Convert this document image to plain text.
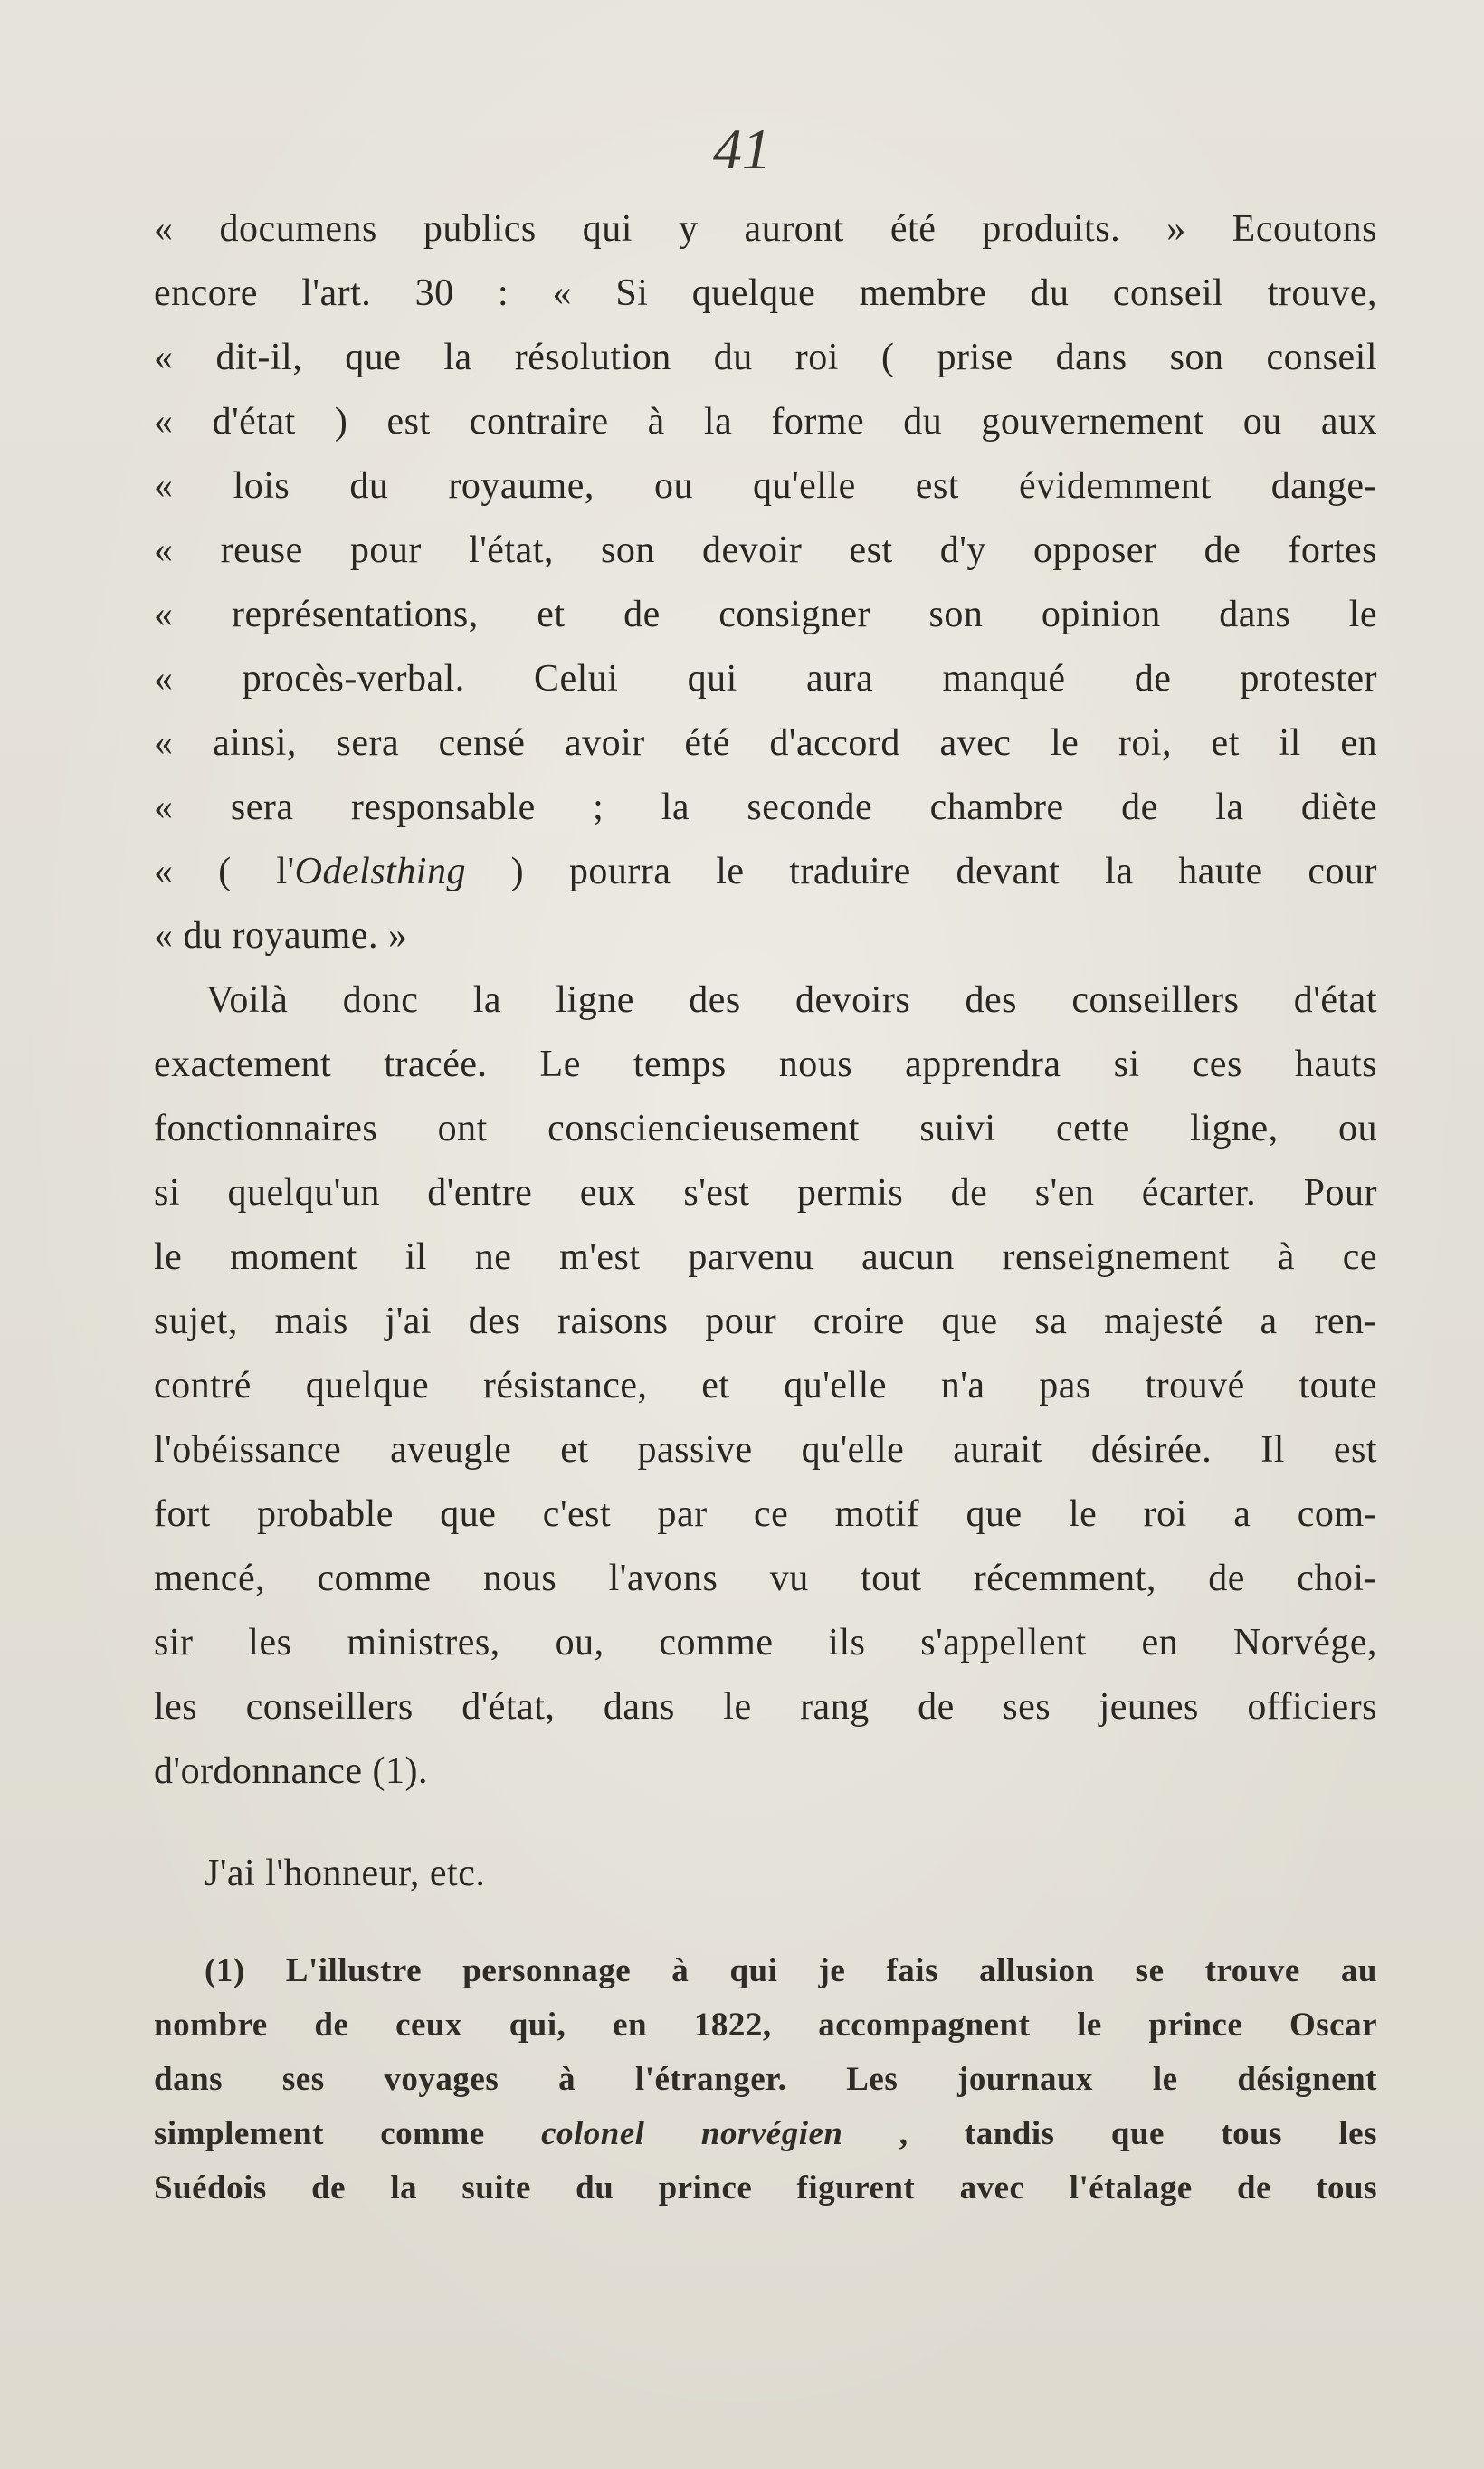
41
« documens publics qui y auront été produits. » Ecoutons
encore l'art. 30 : « Si quelque membre du conseil trouve,
« dit-il, que la résolution du roi ( prise dans son conseil
« d'état ) est contraire à la forme du gouvernement ou aux
« lois du royaume, ou qu'elle est évidemment dange-
« reuse pour l'état, son devoir est d'y opposer de fortes
« représentations, et de consigner son opinion dans le
« procès-verbal. Celui qui aura manqué de protester
« ainsi, sera censé avoir été d'accord avec le roi, et il en
« sera responsable ; la seconde chambre de la diète
« ( l'Odelsthing ) pourra le traduire devant la haute cour
« du royaume. »
Voilà donc la ligne des devoirs des conseillers d'état
exactement tracée. Le temps nous apprendra si ces hauts
fonctionnaires ont consciencieusement suivi cette ligne, ou
si quelqu'un d'entre eux s'est permis de s'en écarter. Pour
le moment il ne m'est parvenu aucun renseignement à ce
sujet, mais j'ai des raisons pour croire que sa majesté a ren-
contré quelque résistance, et qu'elle n'a pas trouvé toute
l'obéissance aveugle et passive qu'elle aurait désirée. Il est
fort probable que c'est par ce motif que le roi a com-
mencé, comme nous l'avons vu tout récemment, de choi-
sir les ministres, ou, comme ils s'appellent en Norvége,
les conseillers d'état, dans le rang de ses jeunes officiers
d'ordonnance (1).
J'ai l'honneur, etc.
(1) L'illustre personnage à qui je fais allusion se trouve au
nombre de ceux qui, en 1822, accompagnent le prince Oscar
dans ses voyages à l'étranger. Les journaux le désignent
simplement comme colonel norvégien , tandis que tous les
Suédois de la suite du prince figurent avec l'étalage de tous
